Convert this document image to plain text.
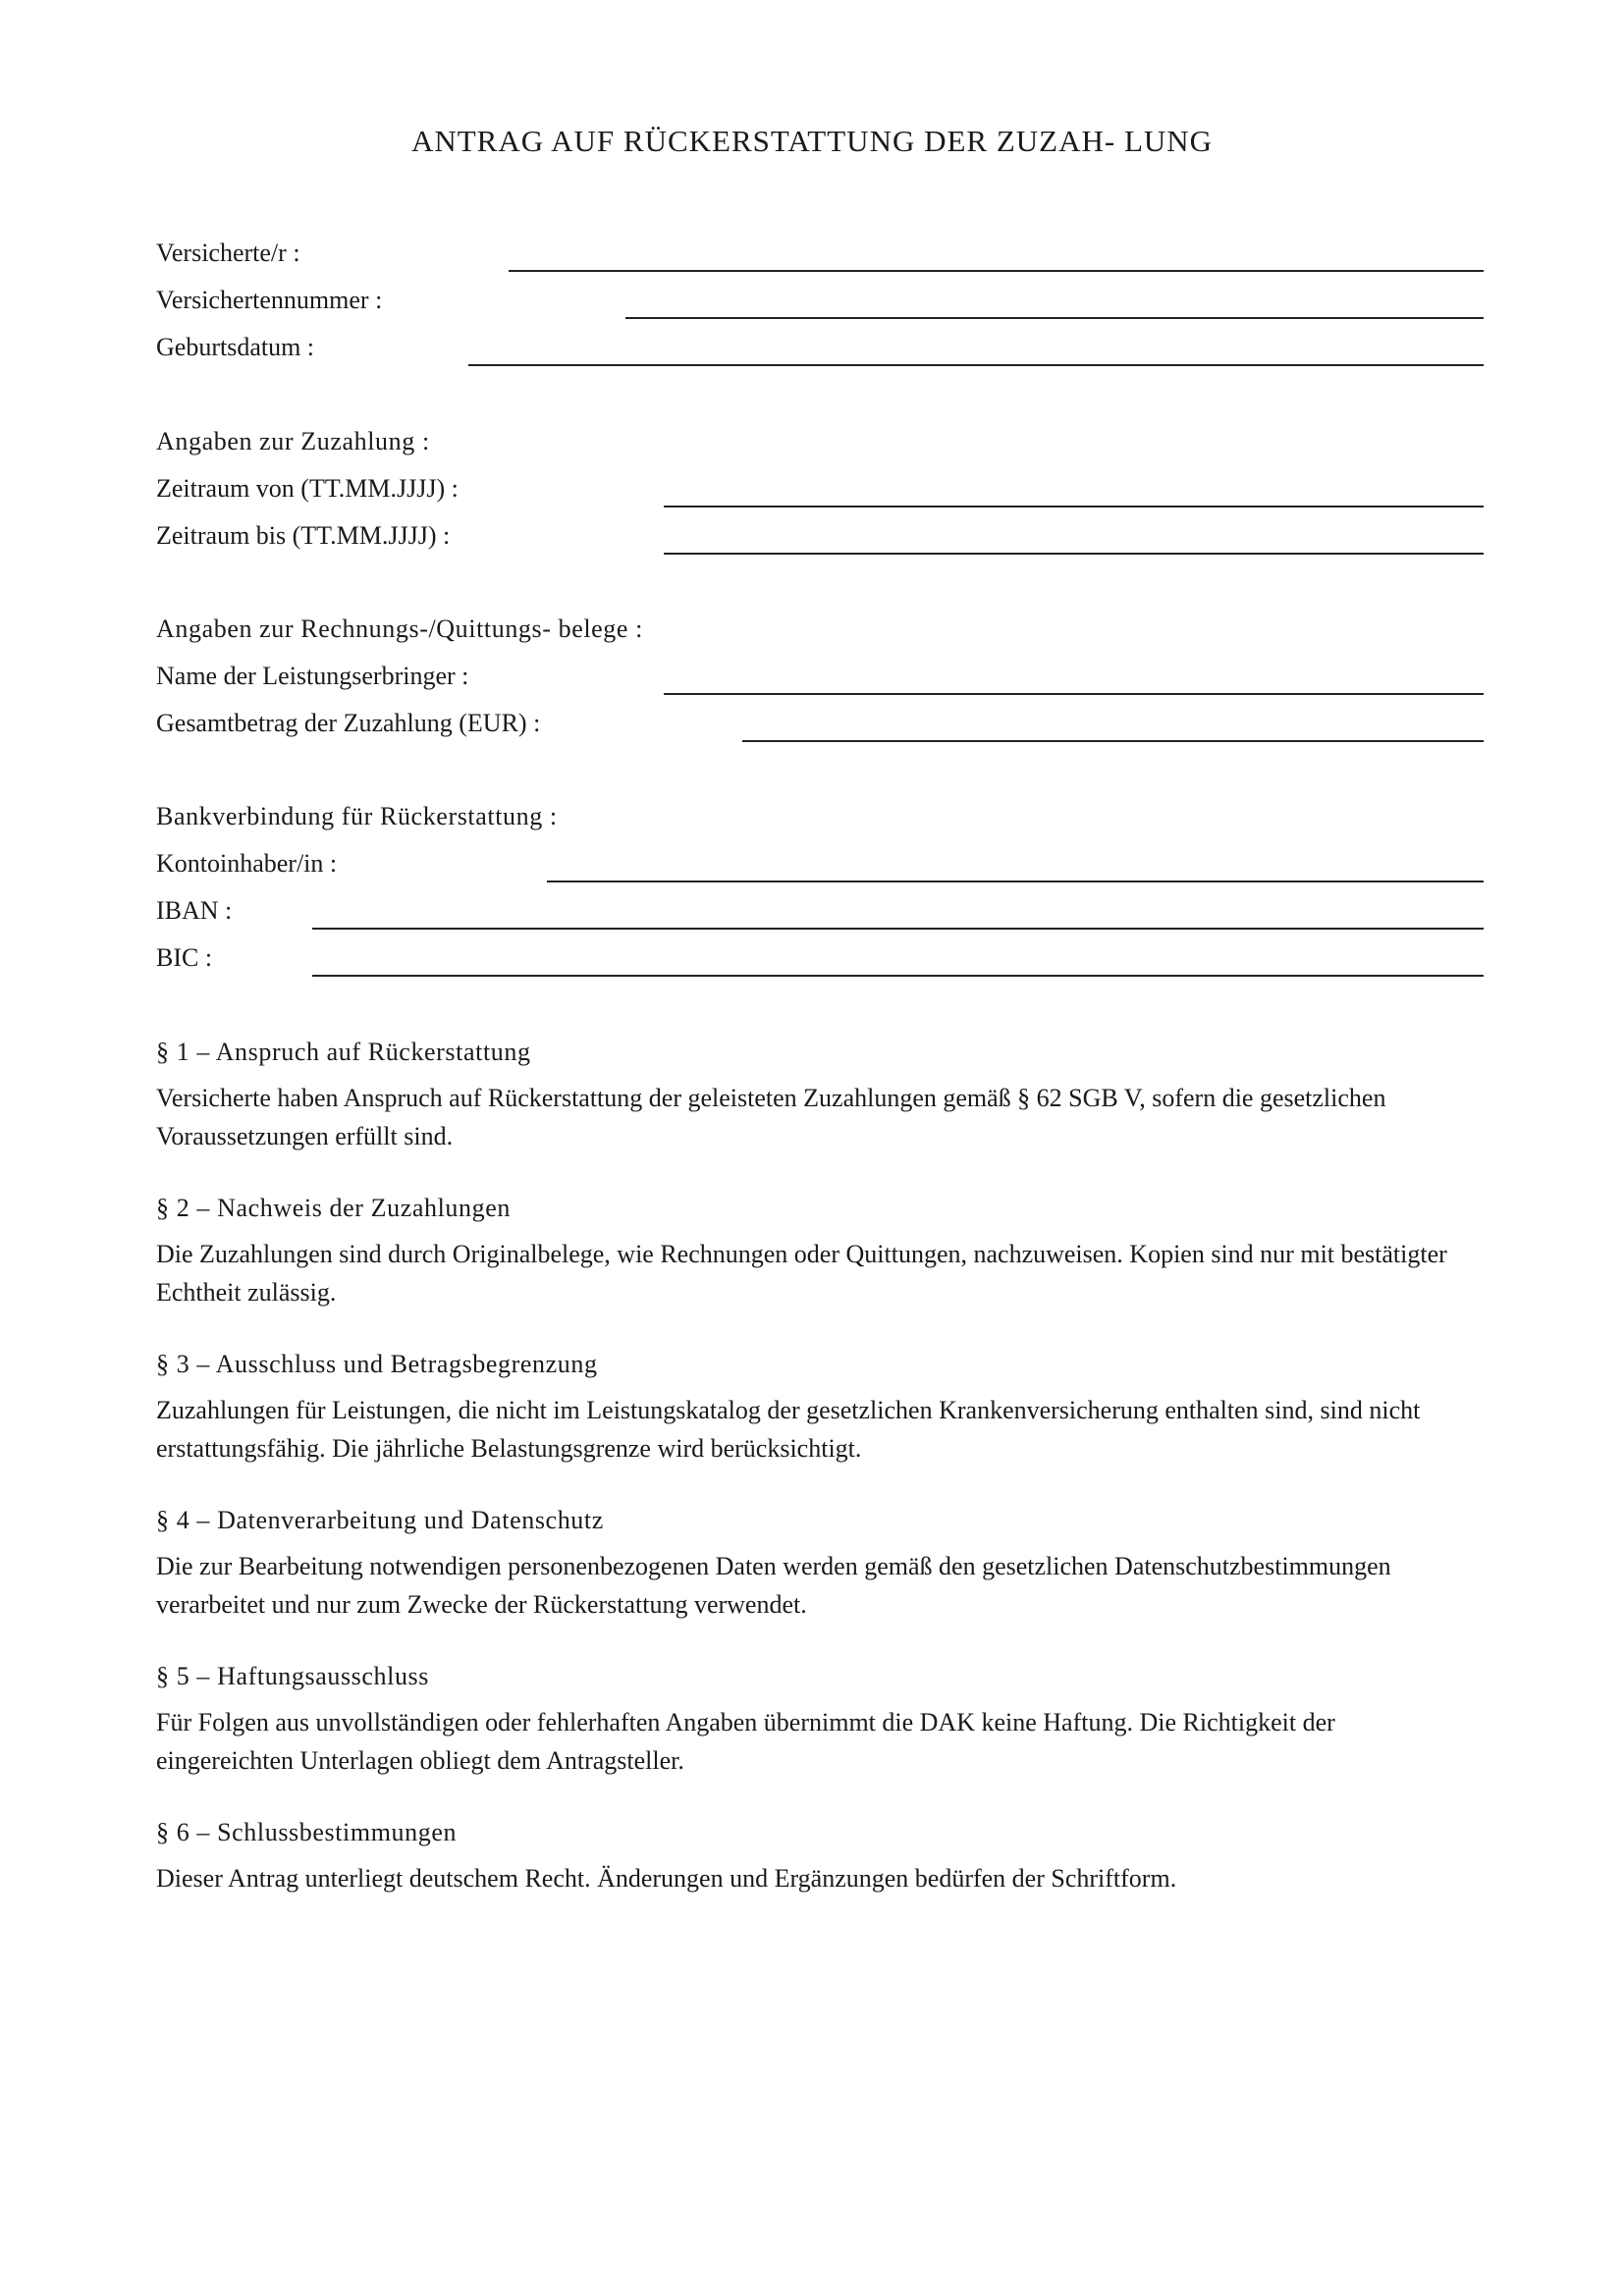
ANTRAG AUF RÜCKERSTATTUNG DER ZUZAH- LUNG
Versicherte/r :
Versichertennummer :
Geburtsdatum :
Angaben zur Zuzahlung :
Zeitraum von (TT.MM.JJJJ) :
Zeitraum bis (TT.MM.JJJJ) :
Angaben zur Rechnungs-/Quittungs- belege :
Name der Leistungserbringer :
Gesamtbetrag der Zuzahlung (EUR) :
Bankverbindung für Rückerstattung :
Kontoinhaber/in :
IBAN :
BIC :
§ 1 – Anspruch auf Rückerstattung
Versicherte haben Anspruch auf Rückerstattung der geleisteten Zuzahlungen gemäß § 62 SGB V, sofern die gesetzlichen Voraussetzungen erfüllt sind.
§ 2 – Nachweis der Zuzahlungen
Die Zuzahlungen sind durch Originalbelege, wie Rechnungen oder Quittungen, nachzuweisen. Kopien sind nur mit bestätigter Echtheit zulässig.
§ 3 – Ausschluss und Betragsbegrenzung
Zuzahlungen für Leistungen, die nicht im Leistungskatalog der gesetzlichen Krankenversicherung enthalten sind, sind nicht erstattungsfähig. Die jährliche Belastungsgrenze wird berücksichtigt.
§ 4 – Datenverarbeitung und Datenschutz
Die zur Bearbeitung notwendigen personenbezogenen Daten werden gemäß den gesetzlichen Datenschutzbestimmungen verarbeitet und nur zum Zwecke der Rückerstattung verwendet.
§ 5 – Haftungsausschluss
Für Folgen aus unvollständigen oder fehlerhaften Angaben übernimmt die DAK keine Haftung. Die Richtigkeit der eingereichten Unterlagen obliegt dem Antragsteller.
§ 6 – Schlussbestimmungen
Dieser Antrag unterliegt deutschem Recht. Änderungen und Ergänzungen bedürfen der Schriftform.
